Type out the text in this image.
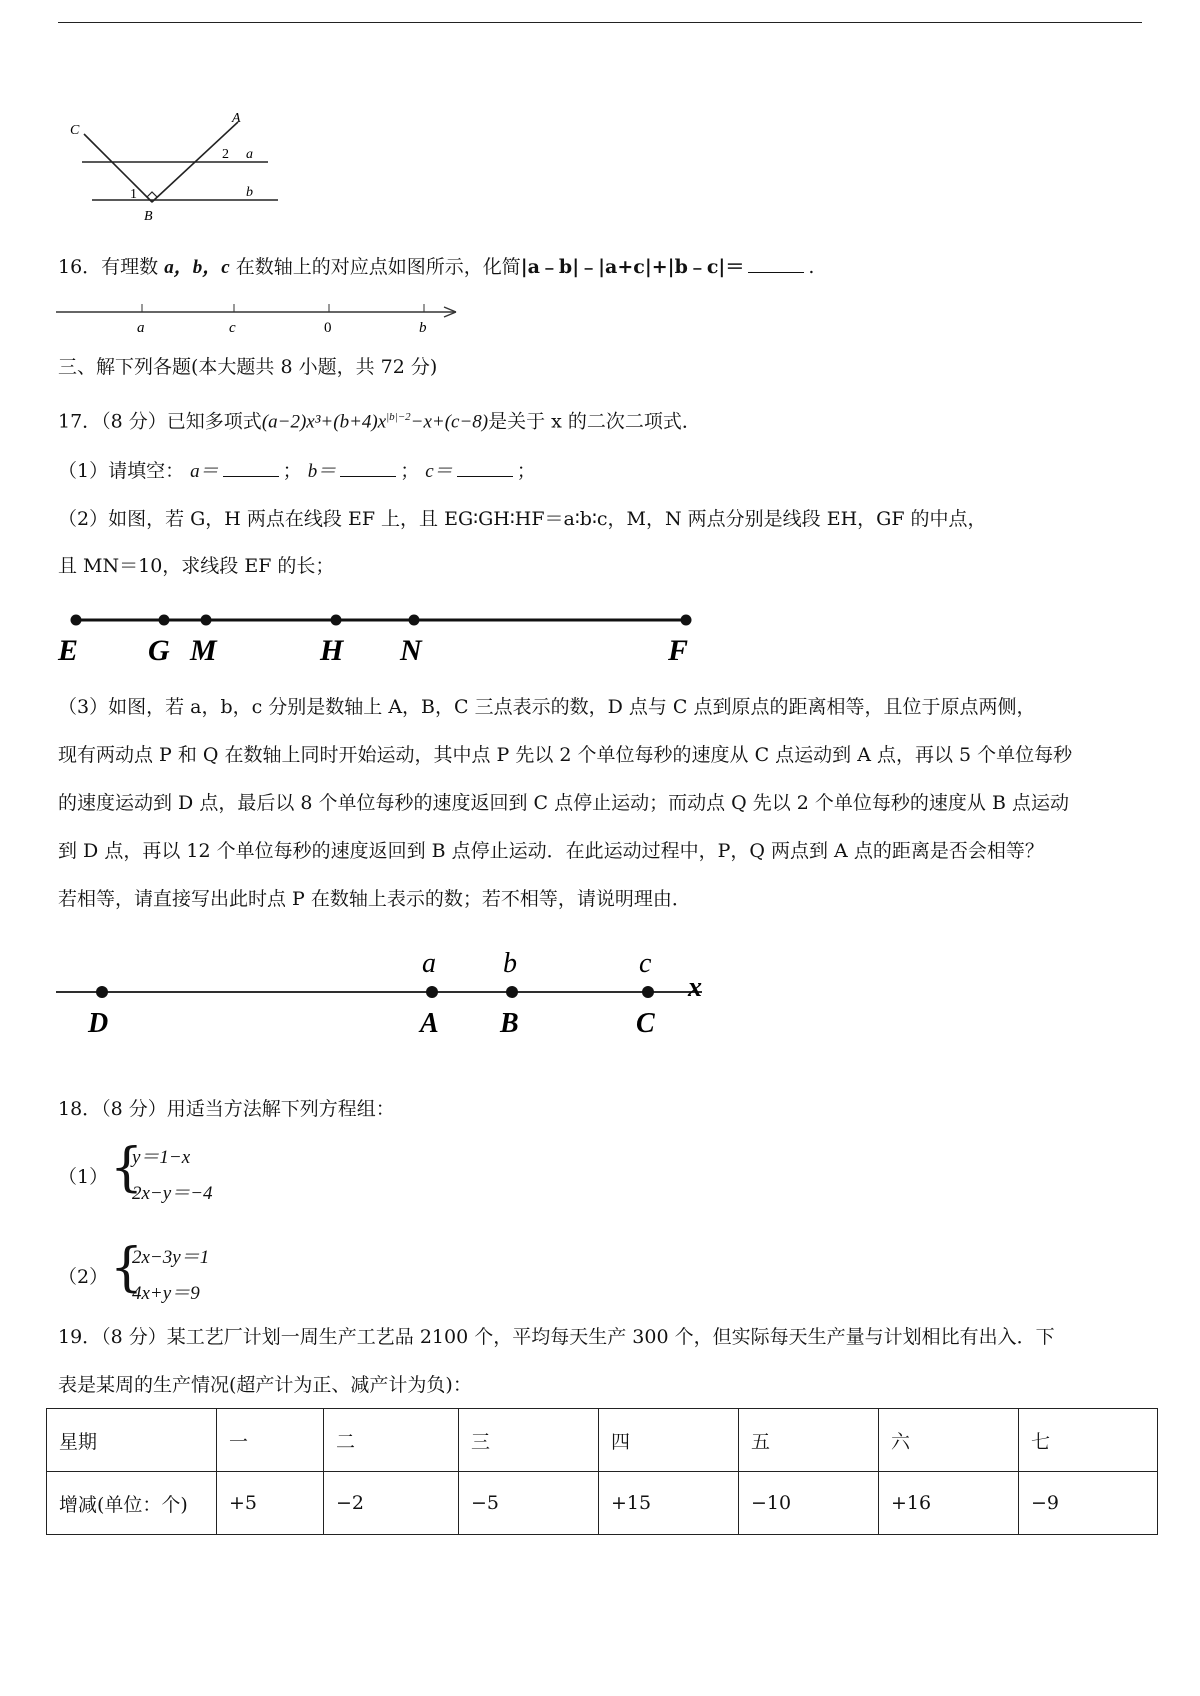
C
A
B
1
2 a
b
16．有理数 a，b，c 在数轴上的对应点如图所示，化简|a﹣b|﹣|a+c|+|b﹣c|＝	.
a	c	0	b
三、解下列各题(本大题共 8 小题，共 72 分)
17．（8 分）已知多项式$(a-2)x^3+(b+4)x^{|b|-2}-x+(c-8)$是关于 x 的二次二项式．
（1）请填空： a＝	； b＝	； c＝	；
（2）如图，若 G，H 两点在线段 EF 上，且 EG∶GH∶HF＝a∶b∶c，M，N 两点分别是线段 EH，GF 的中点，
且 MN＝10，求线段 EF 的长；
E G M	H N	F
（3）如图，若 a，b，c 分别是数轴上 A，B，C 三点表示的数，D 点与 C 点到原点的距离相等，且位于原点两侧，
现有两动点 P 和 Q 在数轴上同时开始运动，其中点 P 先以 2 个单位每秒的速度从 C 点运动到 A 点，再以 5 个单位每秒
的速度运动到 D 点，最后以 8 个单位每秒的速度返回到 C 点停止运动；而动点 Q 先以 2 个单位每秒的速度从 B 点运动
到 D 点，再以 12 个单位每秒的速度返回到 B 点停止运动．在此运动过程中，P，Q 两点到 A 点的距离是否会相等？
若相等，请直接写出此时点 P 在数轴上表示的数；若不相等，请说明理由．
a b	c
x
D	A B	C
18．（8 分）用适当方法解下列方程组：
（1） {
y＝1−x
2x−y＝−4
（2） {
2x−3y＝1
4x+y＝9
19．（8 分）某工艺厂计划一周生产工艺品 2100 个，平均每天生产 300 个，但实际每天生产量与计划相比有出入．下
表是某周的生产情况(超产计为正、减产计为负)：
星期	一	二	三	四	五	六	七
增减(单位：个)	+5	−2	−5	+15	−10	+16	−9
